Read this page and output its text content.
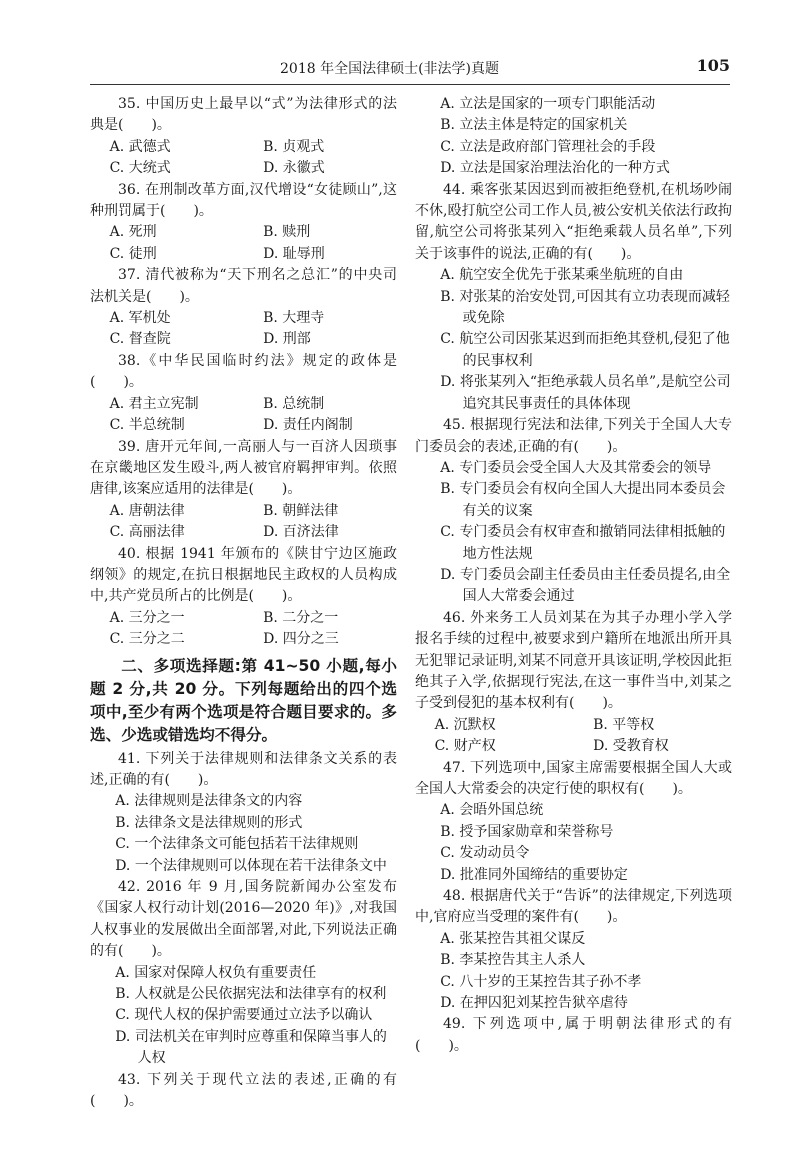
2018 年全国法律硕士(非法学)真题	105

35. 中国历史上最早以“式”为法律形式的法典是(　　)。

A. 武德式	B. 贞观式
C. 大统式	D. 永徽式

36. 在刑制改革方面,汉代增设“女徒顾山”,这种刑罚属于(　　)。

A. 死刑	B. 赎刑
C. 徒刑	D. 耻辱刑

37. 清代被称为“天下刑名之总汇”的中央司法机关是(　　)。

A. 军机处	B. 大理寺
C. 督查院	D. 刑部

38.《中华民国临时约法》规定的政体是(　　)。

A. 君主立宪制	B. 总统制
C. 半总统制	D. 责任内阁制

39. 唐开元年间,一高丽人与一百济人因琐事在京畿地区发生殴斗,两人被官府羁押审判。依照唐律,该案应适用的法律是(　　)。

A. 唐朝法律	B. 朝鲜法律
C. 高丽法律	D. 百济法律

40. 根据 1941 年颁布的《陕甘宁边区施政纲领》的规定,在抗日根据地民主政权的人员构成中,共产党员所占的比例是(　　)。

A. 三分之一	B. 二分之一
C. 三分之二	D. 四分之三

二、多项选择题:第 41~50 小题,每小题 2 分,共 20 分。下列每题给出的四个选项中,至少有两个选项是符合题目要求的。多选、少选或错选均不得分。

41. 下列关于法律规则和法律条文关系的表述,正确的有(　　)。

A. 法律规则是法律条文的内容

B. 法律条文是法律规则的形式

C. 一个法律条文可能包括若干法律规则

D. 一个法律规则可以体现在若干法律条文中

42. 2016 年 9 月,国务院新闻办公室发布《国家人权行动计划(2016—2020 年)》,对我国人权事业的发展做出全面部署,对此,下列说法正确的有(　　)。

A. 国家对保障人权负有重要责任

B. 人权就是公民依据宪法和法律享有的权利

C. 现代人权的保护需要通过立法予以确认

D. 司法机关在审判时应尊重和保障当事人的人权

43. 下列关于现代立法的表述,正确的有(　　)。

A. 立法是国家的一项专门职能活动

B. 立法主体是特定的国家机关

C. 立法是政府部门管理社会的手段

D. 立法是国家治理法治化的一种方式

44. 乘客张某因迟到而被拒绝登机,在机场吵闹不休,殴打航空公司工作人员,被公安机关依法行政拘留,航空公司将张某列入“拒绝乘载人员名单”,下列关于该事件的说法,正确的有(　　)。

A. 航空安全优先于张某乘坐航班的自由

B. 对张某的治安处罚,可因其有立功表现而减轻或免除

C. 航空公司因张某迟到而拒绝其登机,侵犯了他的民事权利

D. 将张某列入“拒绝承载人员名单”,是航空公司追究其民事责任的具体体现

45. 根据现行宪法和法律,下列关于全国人大专门委员会的表述,正确的有(　　)。

A. 专门委员会受全国人大及其常委会的领导

B. 专门委员会有权向全国人大提出同本委员会有关的议案

C. 专门委员会有权审查和撤销同法律相抵触的地方性法规

D. 专门委员会副主任委员由主任委员提名,由全国人大常委会通过

46. 外来务工人员刘某在为其子办理小学入学报名手续的过程中,被要求到户籍所在地派出所开具无犯罪记录证明,刘某不同意开具该证明,学校因此拒绝其子入学,依据现行宪法,在这一事件当中,刘某之子受到侵犯的基本权利有(　　)。

A. 沉默权	B. 平等权
C. 财产权	D. 受教育权

47. 下列选项中,国家主席需要根据全国人大或全国人大常委会的决定行使的职权有(　　)。

A. 会晤外国总统

B. 授予国家勋章和荣誉称号

C. 发动动员令

D. 批准同外国缔结的重要协定

48. 根据唐代关于“告诉”的法律规定,下列选项中,官府应当受理的案件有(　　)。

A. 张某控告其祖父谋反

B. 李某控告其主人杀人

C. 八十岁的王某控告其子孙不孝

D. 在押囚犯刘某控告狱卒虐待

49. 下列选项中,属于明朝法律形式的有(　　)。
